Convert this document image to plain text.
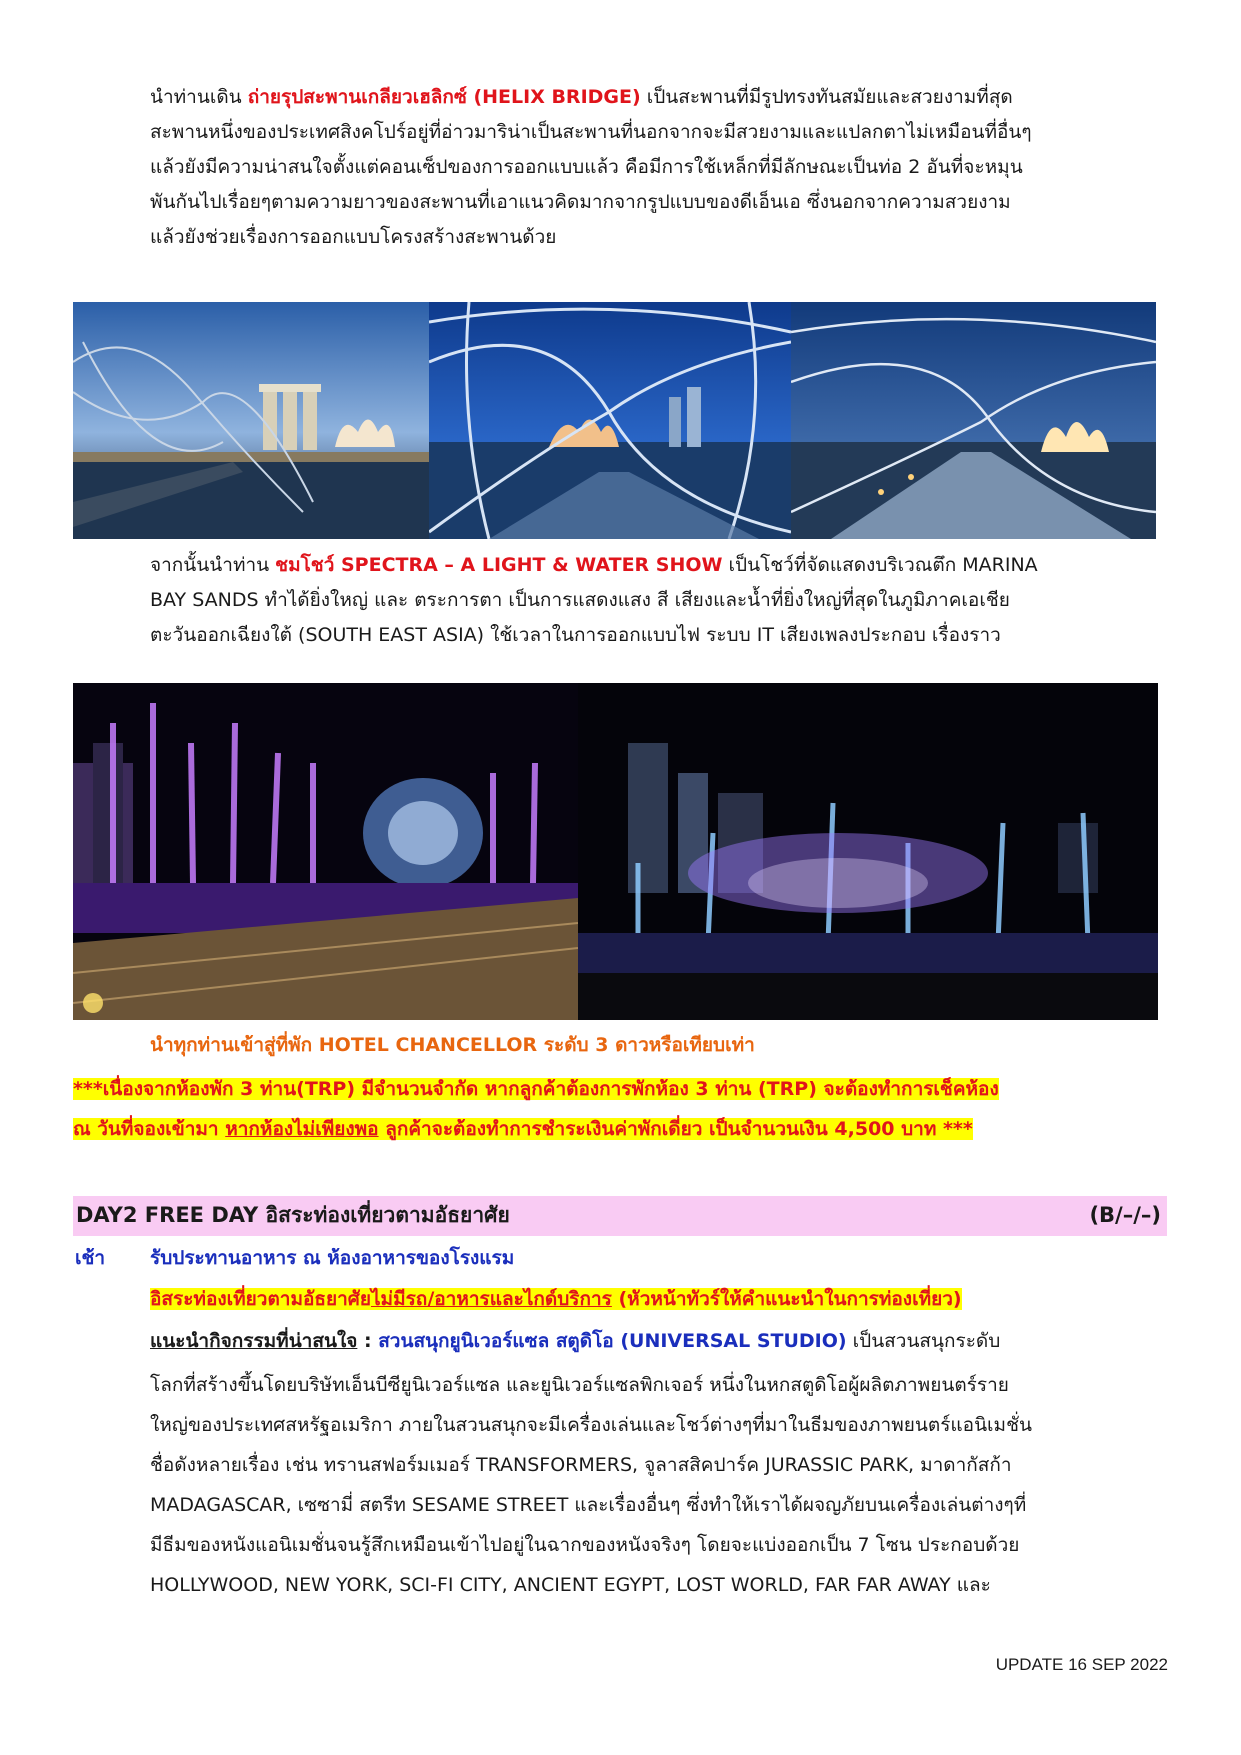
นำท่านเดิน ถ่ายรุปสะพานเกลียวเฮลิกซ์ (HELIX BRIDGE) เป็นสะพานที่มีรูปทรงทันสมัยและสวยงามที่สุด
สะพานหนึ่งของประเทศสิงคโปร์อยู่ที่อ่าวมาริน่าเป็นสะพานที่นอกจากจะมีสวยงามและแปลกตาไม่เหมือนที่อื่นๆ
แล้วยังมีความน่าสนใจตั้งแต่คอนเซ็ปของการออกแบบแล้ว คือมีการใช้เหล็กที่มีลักษณะเป็นท่อ 2 อันที่จะหมุน
พันกันไปเรื่อยๆตามความยาวของสะพานที่เอาแนวคิดมากจากรูปแบบของดีเอ็นเอ ซึ่งนอกจากความสวยงาม
แล้วยังช่วยเรื่องการออกแบบโครงสร้างสะพานด้วย
จากนั้นนำท่าน ชมโชว์ SPECTRA – A LIGHT & WATER SHOW เป็นโชว์ที่จัดแสดงบริเวณตึก MARINA
BAY SANDS ทำได้ยิ่งใหญ่ และ ตระการตา เป็นการแสดงแสง สี เสียงและน้ำที่ยิ่งใหญ่ที่สุดในภูมิภาคเอเชีย
ตะวันออกเฉียงใต้ (SOUTH EAST ASIA) ใช้เวลาในการออกแบบไฟ ระบบ IT เสียงเพลงประกอบ เรื่องราว
นำทุกท่านเข้าสู่ที่พัก HOTEL CHANCELLOR ระดับ 3 ดาวหรือเทียบเท่า
***เนื่องจากห้องพัก 3 ท่าน(TRP) มีจำนวนจำกัด หากลูกค้าต้องการพักห้อง 3 ท่าน (TRP) จะต้องทำการเช็คห้อง
ณ วันที่จองเข้ามา หากห้องไม่เพียงพอ ลูกค้าจะต้องทำการชำระเงินค่าพักเดี่ยว เป็นจำนวนเงิน 4,500 บาท ***
DAY2 FREE DAY อิสระท่องเที่ยวตามอัธยาศัย	(B/–/–)
เช้า รับประทานอาหาร ณ ห้องอาหารของโรงแรม
อิสระท่องเที่ยวตามอัธยาศัยไม่มีรถ/อาหารและไกด์บริการ (หัวหน้าทัวร์ให้คำแนะนำในการท่องเที่ยว)
แนะนำกิจกรรมที่น่าสนใจ : สวนสนุกยูนิเวอร์แซล สตูดิโอ (UNIVERSAL STUDIO) เป็นสวนสนุกระดับ
โลกที่สร้างขึ้นโดยบริษัทเอ็นบีซียูนิเวอร์แซล และยูนิเวอร์แซลพิกเจอร์ หนึ่งในหกสตูดิโอผู้ผลิตภาพยนตร์ราย
ใหญ่ของประเทศสหรัฐอเมริกา ภายในสวนสนุกจะมีเครื่องเล่นและโชว์ต่างๆที่มาในธีมของภาพยนตร์แอนิเมชั่น
ชื่อดังหลายเรื่อง เช่น ทรานสฟอร์มเมอร์ TRANSFORMERS, จูลาสสิคปาร์ค JURASSIC PARK, มาดากัสก้า
MADAGASCAR, เซซามี่ สตรีท SESAME STREET และเรื่องอื่นๆ ซึ่งทำให้เราได้ผจญภัยบนเครื่องเล่นต่างๆที่
มีธีมของหนังแอนิเมชั่นจนรู้สึกเหมือนเข้าไปอยู่ในฉากของหนังจริงๆ โดยจะแบ่งออกเป็น 7 โซน ประกอบด้วย
HOLLYWOOD, NEW YORK, SCI-FI CITY, ANCIENT EGYPT, LOST WORLD, FAR FAR AWAY และ
UPDATE 16 SEP 2022
